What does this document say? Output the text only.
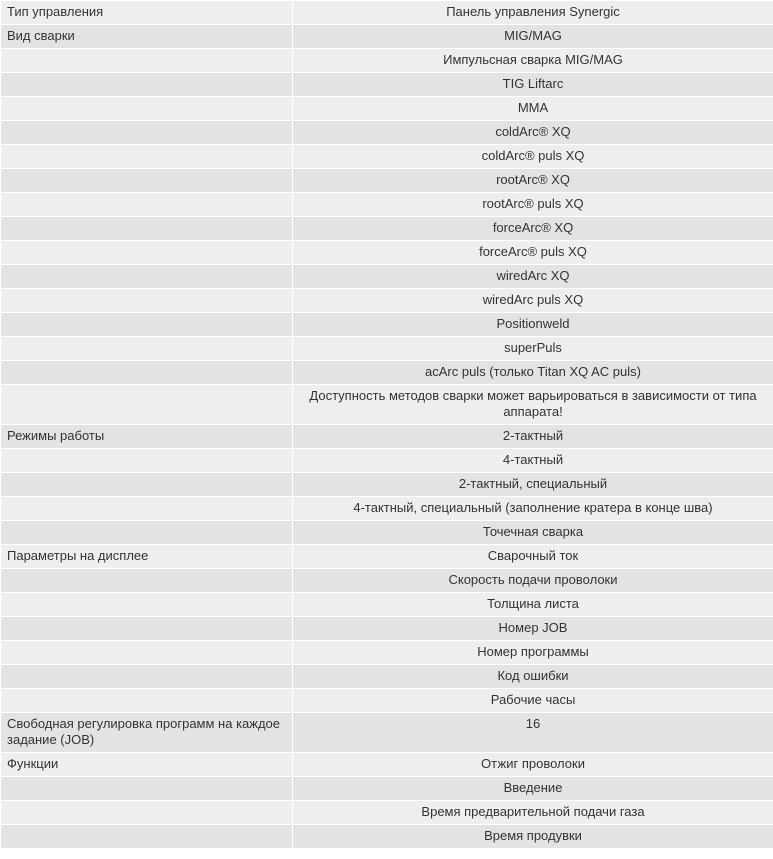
Тип управления	Панель управления Synergic
Вид сварки	MIG/MAG
	Импульсная сварка MIG/MAG
	TIG Liftarc
	MMA
	coldArc® XQ
	coldArc® puls XQ
	rootArc® XQ
	rootArc® puls XQ
	forceArc® XQ
	forceArc® puls XQ
	wiredArc XQ
	wiredArc puls XQ
	Positionweld
	superPuls
	acArc puls (только Titan XQ AC puls)
	Доступность методов сварки может варьироваться в зависимости от типа аппарата!
Режимы работы	2-тактный
	4-тактный
	2-тактный, специальный
	4-тактный, специальный (заполнение кратера в конце шва)
	Точечная сварка
Параметры на дисплее	Сварочный ток
	Скорость подачи проволоки
	Толщина листа
	Номер JOB
	Номер программы
	Код ошибки
	Рабочие часы
Свободная регулировка программ на каждое задание (JOB)	16
Функции	Отжиг проволоки
	Введение
	Время предварительной подачи газа
	Время продувки
